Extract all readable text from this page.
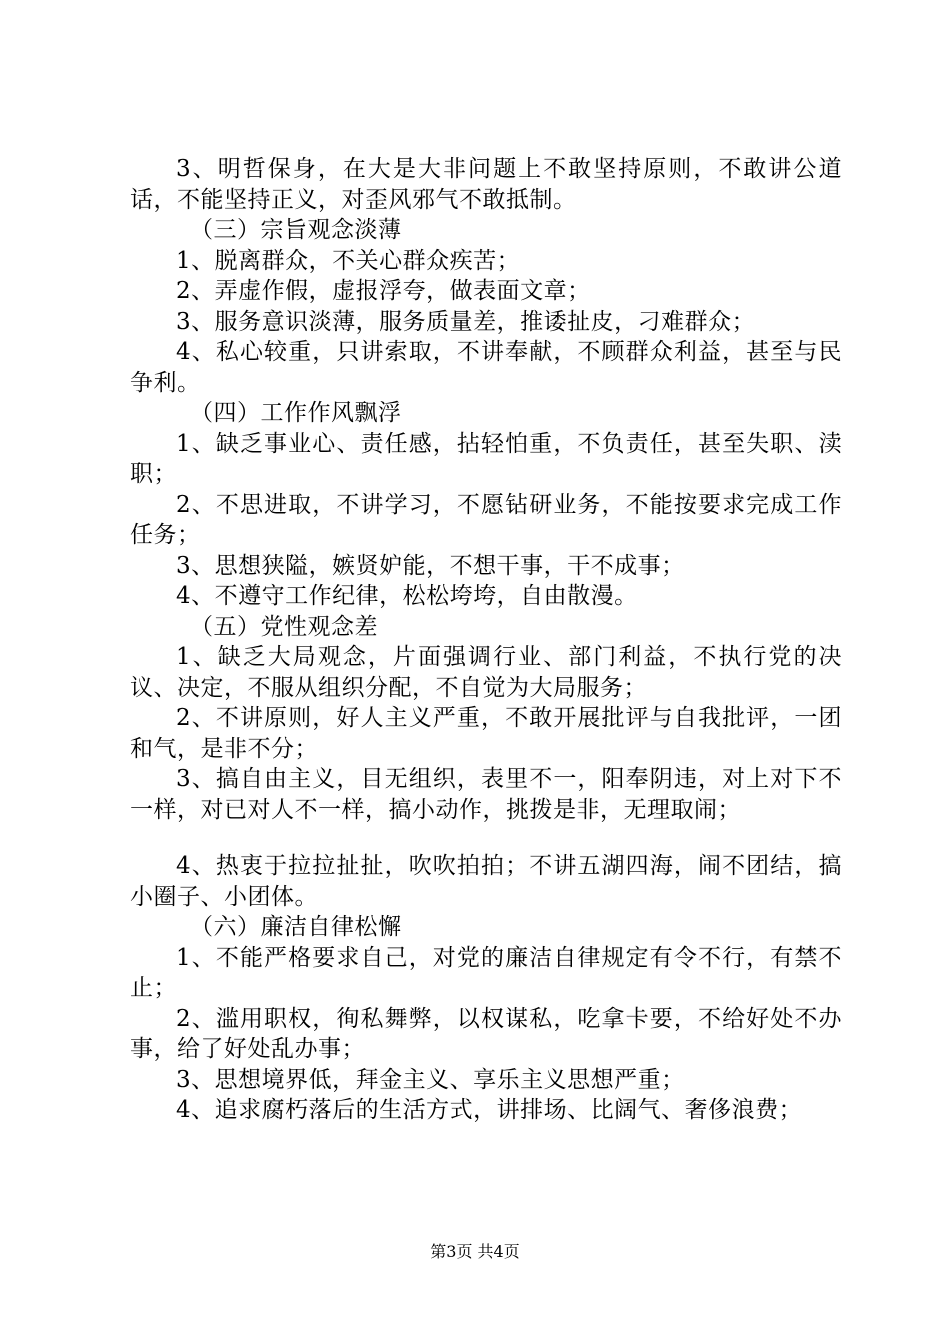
3、明哲保身，在大是大非问题上不敢坚持原则，不敢讲公道话，不能坚持正义，对歪风邪气不敢抵制。

（三）宗旨观念淡薄

1、脱离群众，不关心群众疾苦；

2、弄虚作假，虚报浮夸，做表面文章；

3、服务意识淡薄，服务质量差，推诿扯皮，刁难群众；

4、私心较重，只讲索取，不讲奉献，不顾群众利益，甚至与民争利。

（四）工作作风飘浮

1、缺乏事业心、责任感，拈轻怕重，不负责任，甚至失职、渎职；

2、不思进取，不讲学习，不愿钻研业务，不能按要求完成工作任务；

3、思想狭隘，嫉贤妒能，不想干事，干不成事；

4、不遵守工作纪律，松松垮垮，自由散漫。

（五）党性观念差

1、缺乏大局观念，片面强调行业、部门利益，不执行党的决议、决定，不服从组织分配，不自觉为大局服务；

2、不讲原则，好人主义严重，不敢开展批评与自我批评，一团和气，是非不分；

3、搞自由主义，目无组织，表里不一，阳奉阴违，对上对下不一样，对已对人不一样，搞小动作，挑拨是非，无理取闹；

4、热衷于拉拉扯扯，吹吹拍拍；不讲五湖四海，闹不团结，搞小圈子、小团体。

（六）廉洁自律松懈

1、不能严格要求自己，对党的廉洁自律规定有令不行，有禁不止；

2、滥用职权，徇私舞弊，以权谋私，吃拿卡要，不给好处不办事，给了好处乱办事；

3、思想境界低，拜金主义、享乐主义思想严重；

4、追求腐朽落后的生活方式，讲排场、比阔气、奢侈浪费；

第3页 共4页
